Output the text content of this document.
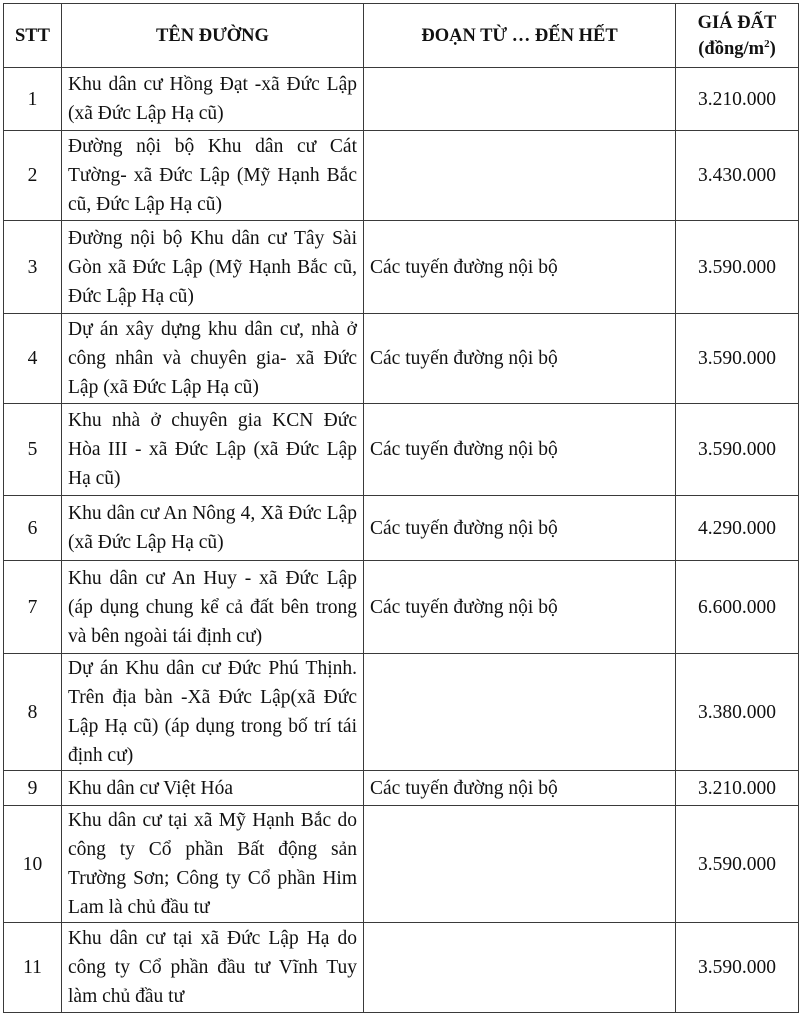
STT	TÊN ĐƯỜNG	ĐOẠN TỪ … ĐẾN HẾT	GIÁ ĐẤT
$(đồng/m^2)$
1	Khu dân cư Hồng Đạt -xã Đức Lập (xã Đức Lập Hạ cũ)		3.210.000
2	Đường nội bộ Khu dân cư Cát Tường- xã Đức Lập (Mỹ Hạnh Bắc cũ, Đức Lập Hạ cũ)		3.430.000
3	Đường nội bộ Khu dân cư Tây Sài Gòn xã Đức Lập (Mỹ Hạnh Bắc cũ, Đức Lập Hạ cũ)	Các tuyến đường nội bộ	3.590.000
4	Dự án xây dựng khu dân cư, nhà ở công nhân và chuyên gia- xã Đức Lập (xã Đức Lập Hạ cũ)	Các tuyến đường nội bộ	3.590.000
5	Khu nhà ở chuyên gia KCN Đức Hòa III - xã Đức Lập (xã Đức Lập Hạ cũ)	Các tuyến đường nội bộ	3.590.000
6	Khu dân cư An Nông 4, Xã Đức Lập (xã Đức Lập Hạ cũ)	Các tuyến đường nội bộ	4.290.000
7	Khu dân cư An Huy - xã Đức Lập (áp dụng chung kể cả đất bên trong và bên ngoài tái định cư)	Các tuyến đường nội bộ	6.600.000
8	Dự án Khu dân cư Đức Phú Thịnh. Trên địa bàn -Xã Đức Lập(xã Đức Lập Hạ cũ) (áp dụng trong bố trí tái định cư)		3.380.000
9	Khu dân cư Việt Hóa	Các tuyến đường nội bộ	3.210.000
10	Khu dân cư tại xã Mỹ Hạnh Bắc do công ty Cổ phần Bất động sản Trường Sơn; Công ty Cổ phần Him Lam là chủ đầu tư		3.590.000
11	Khu dân cư tại xã Đức Lập Hạ do công ty Cổ phần đầu tư Vĩnh Tuy làm chủ đầu tư		3.590.000
